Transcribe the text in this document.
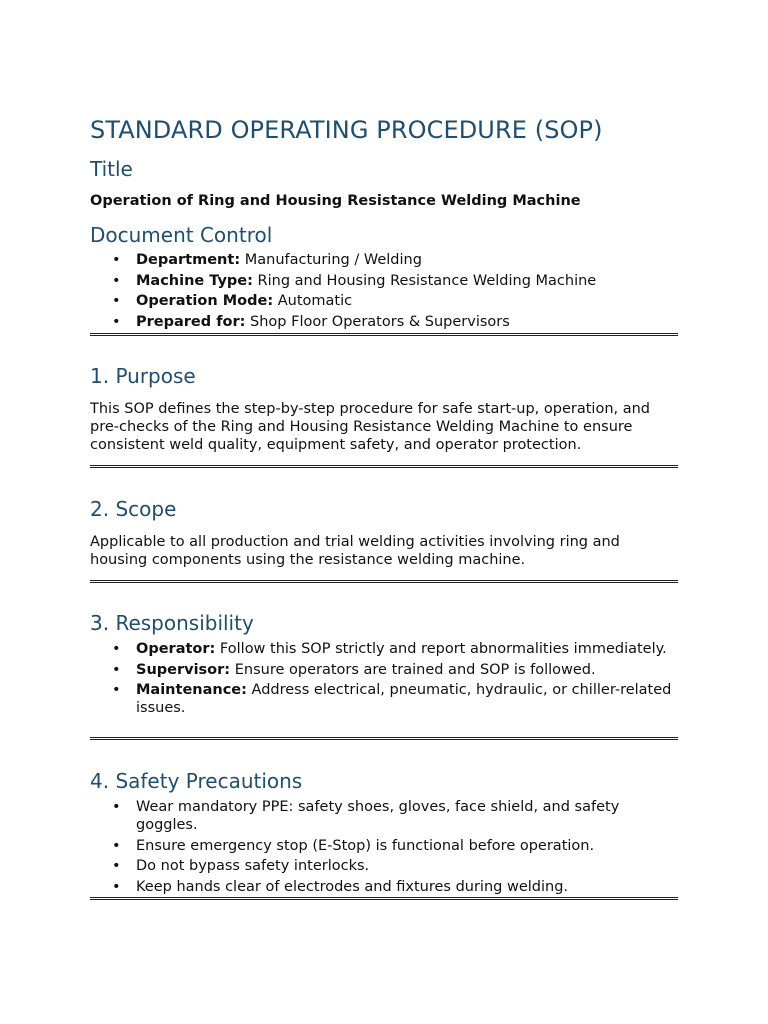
STANDARD OPERATING PROCEDURE (SOP)
Title
Operation of Ring and Housing Resistance Welding Machine
Document Control
• Department: Manufacturing / Welding
• Machine Type: Ring and Housing Resistance Welding Machine
• Operation Mode: Automatic
• Prepared for: Shop Floor Operators & Supervisors
1. Purpose
This SOP defines the step-by-step procedure for safe start-up, operation, and pre-checks of the Ring and Housing Resistance Welding Machine to ensure consistent weld quality, equipment safety, and operator protection.
2. Scope
Applicable to all production and trial welding activities involving ring and housing components using the resistance welding machine.
3. Responsibility
• Operator: Follow this SOP strictly and report abnormalities immediately.
• Supervisor: Ensure operators are trained and SOP is followed.
• Maintenance: Address electrical, pneumatic, hydraulic, or chiller-related issues.
4. Safety Precautions
• Wear mandatory PPE: safety shoes, gloves, face shield, and safety goggles.
• Ensure emergency stop (E-Stop) is functional before operation.
• Do not bypass safety interlocks.
• Keep hands clear of electrodes and fixtures during welding.
